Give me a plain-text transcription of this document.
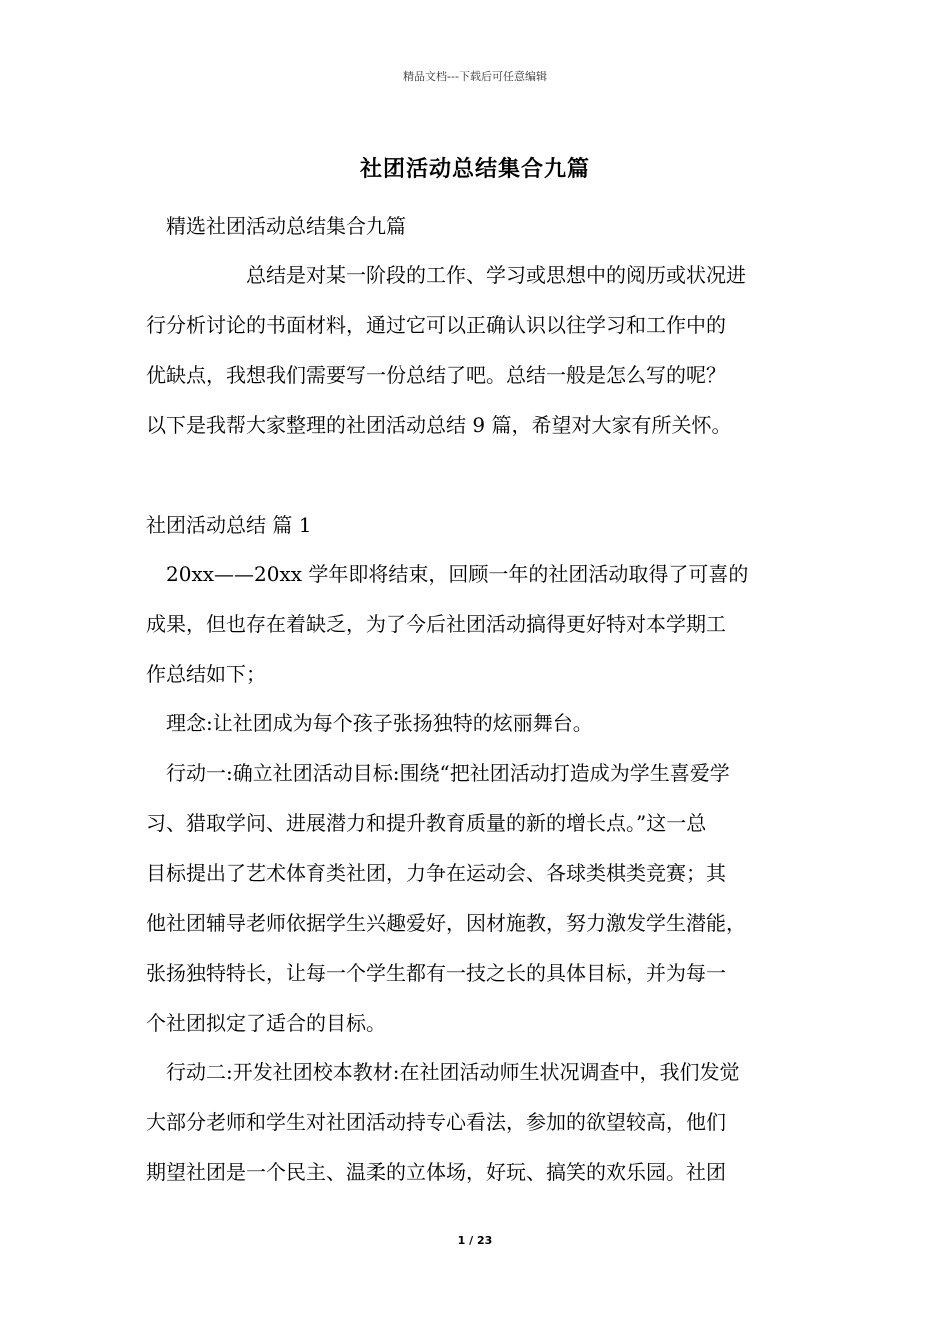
精品文档---下载后可任意编辑
社团活动总结集合九篇
精选社团活动总结集合九篇
总结是对某一阶段的工作、学习或思想中的阅历或状况进
行分析讨论的书面材料，通过它可以正确认识以往学习和工作中的
优缺点，我想我们需要写一份总结了吧。总结一般是怎么写的呢？
以下是我帮大家整理的社团活动总结 9 篇，希望对大家有所关怀。
社团活动总结 篇 1
20xx——20xx 学年即将结束，回顾一年的社团活动取得了可喜的
成果，但也存在着缺乏，为了今后社团活动搞得更好特对本学期工
作总结如下；
理念:让社团成为每个孩子张扬独特的炫丽舞台。
行动一:确立社团活动目标:围绕“把社团活动打造成为学生喜爱学
习、猎取学问、进展潜力和提升教育质量的新的增长点。”这一总
目标提出了艺术体育类社团，力争在运动会、各球类棋类竞赛；其
他社团辅导老师依据学生兴趣爱好，因材施教，努力激发学生潜能，
张扬独特特长，让每一个学生都有一技之长的具体目标，并为每一
个社团拟定了适合的目标。
行动二:开发社团校本教材:在社团活动师生状况调查中，我们发觉
大部分老师和学生对社团活动持专心看法，参加的欲望较高，他们
期望社团是一个民主、温柔的立体场，好玩、搞笑的欢乐园。社团
1 / 23
